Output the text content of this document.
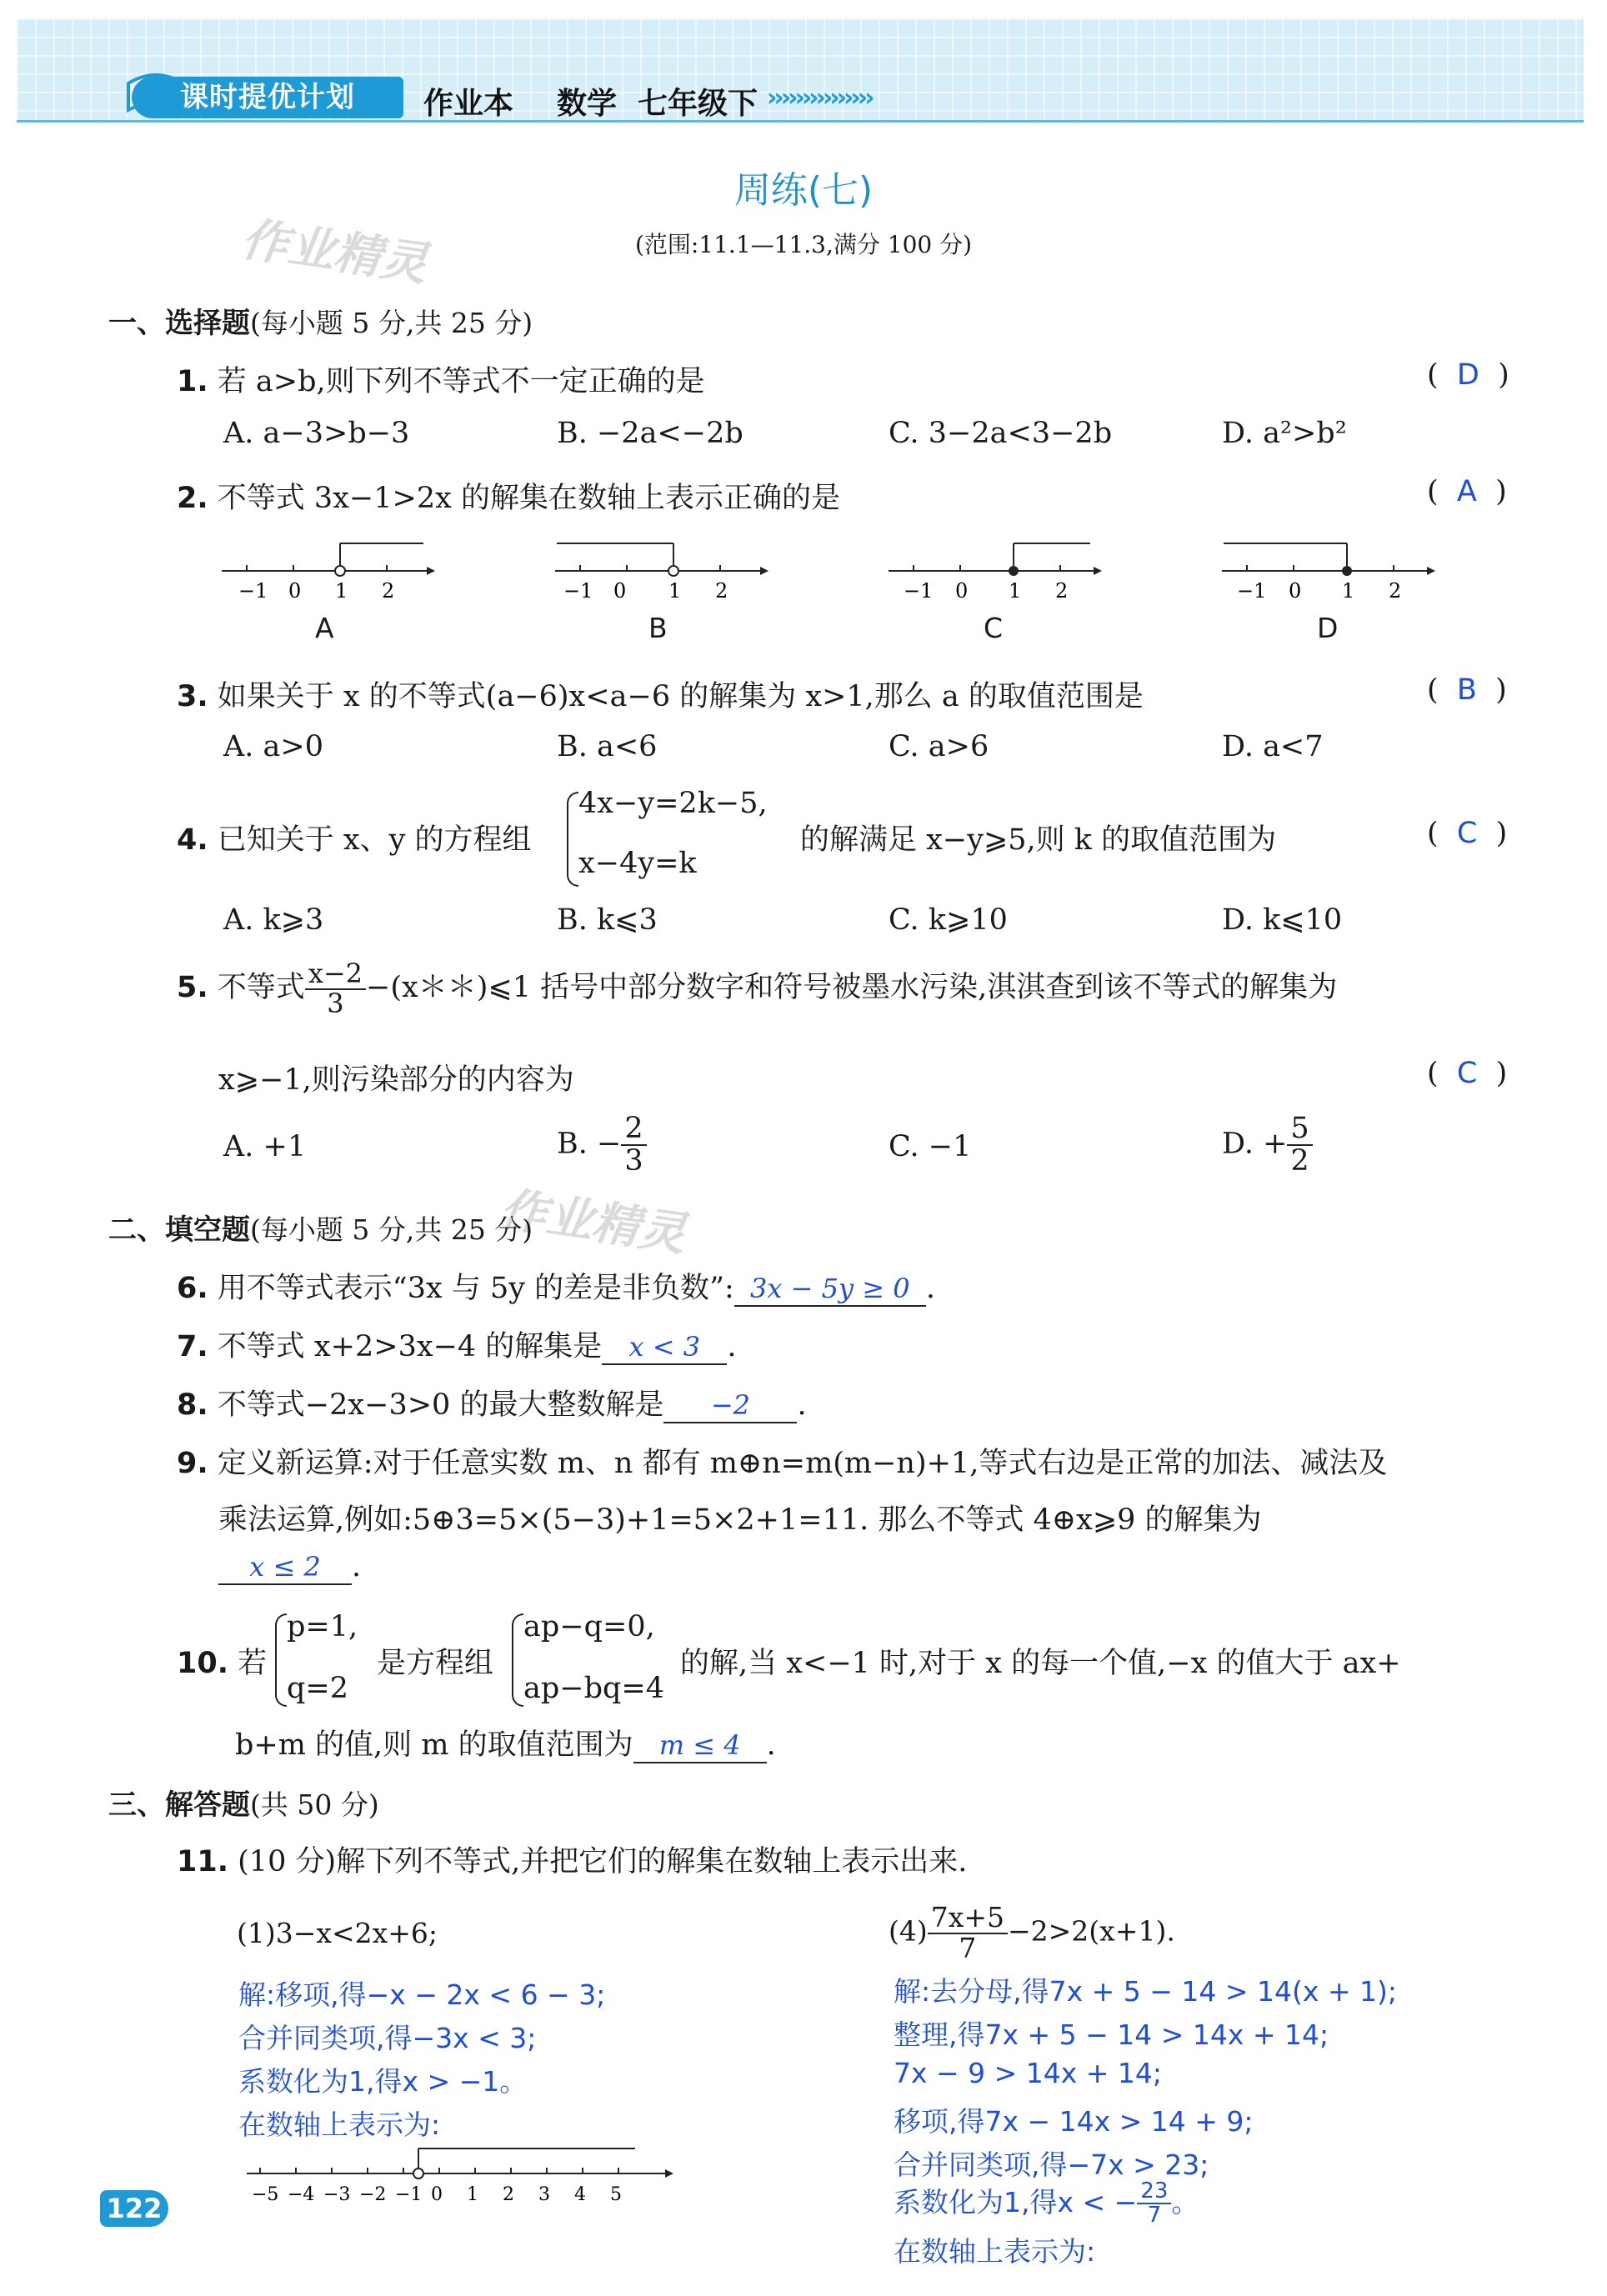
课时提优计划	作业本 数学 七年级下 ›››››››››››››››
周练(七)
(范围:11.1—11.3,满分 100 分)
作业精灵
作业精灵
一、选择题(每小题 5 分,共 25 分)
1. 若 a>b,则下列不等式不一定正确的是	(  D  )
A. a−3>b−3	B. −2a<−2b	C. 3−2a<3−2b	D. a²>b²
2. 不等式 3x−1>2x 的解集在数轴上表示正确的是	(  A  )
−1 0 1 2
A
−1 0 1 2
B
−1 0 1 2
C
−1 0 1 2
D
3. 如果关于 x 的不等式(a−6)x<a−6 的解集为 x>1,那么 a 的取值范围是	(  B  )
A. a>0	B. a<6	C. a>6	D. a<7
4. 已知关于 x、y 的方程组
4x−y=2k−5,
x−4y=k
的解满足 x−y⩾5,则 k 的取值范围为	(  C  )
A. k⩾3	B. k⩽3	C. k⩾10	D. k⩽10
5. 不等式 $\frac{x-2}{3}$ −(x＊＊)⩽1 括号中部分数字和符号被墨水污染,淇淇查到该不等式的解集为
x⩾−1,则污染部分的内容为	(  C  )
A. +1	B. − $\frac{2}{3}$	C. −1	D. + $\frac{5}{2}$
二、填空题(每小题 5 分,共 25 分)
6. 用不等式表示“3x 与 5y 的差是非负数”: 3x − 5y ≥ 0 .
7. 不等式 x+2>3x−4 的解集是 x < 3 .
8. 不等式−2x−3>0 的最大整数解是 −2 .
9. 定义新运算:对于任意实数 m、n 都有 m⊕n=m(m−n)+1,等式右边是正常的加法、减法及
乘法运算,例如:5⊕3=5×(5−3)+1=5×2+1=11. 那么不等式 4⊕x⩾9 的解集为
x ≤ 2 .
10. 若
p=1,
q=2
是方程组
ap−q=0,
ap−bq=4
的解,当 x<−1 时,对于 x 的每一个值,−x 的值大于 ax+
b+m 的值,则 m 的取值范围为 m ≤ 4 .
三、解答题(共 50 分)
11. (10 分)解下列不等式,并把它们的解集在数轴上表示出来.
(1)3−x<2x+6;
解:移项,得−x − 2x < 6 − 3;
合并同类项,得−3x < 3;
系数化为1,得x > −1。
在数轴上表示为:
−5 −4 −3 −2 −1 0 1 2 3 4 5
$(4) \frac{7x+5}{7} -2>2(x+1)$.
解:去分母,得7x + 5 − 14 > 14(x + 1);
整理,得7x + 5 − 14 > 14x + 14;
7x − 9 > 14x + 14;
移项,得7x − 14x > 14 + 9;
合并同类项,得−7x > 23;
系数化为1,得x < − $\frac{23}{7}$ 。
在数轴上表示为:
122
